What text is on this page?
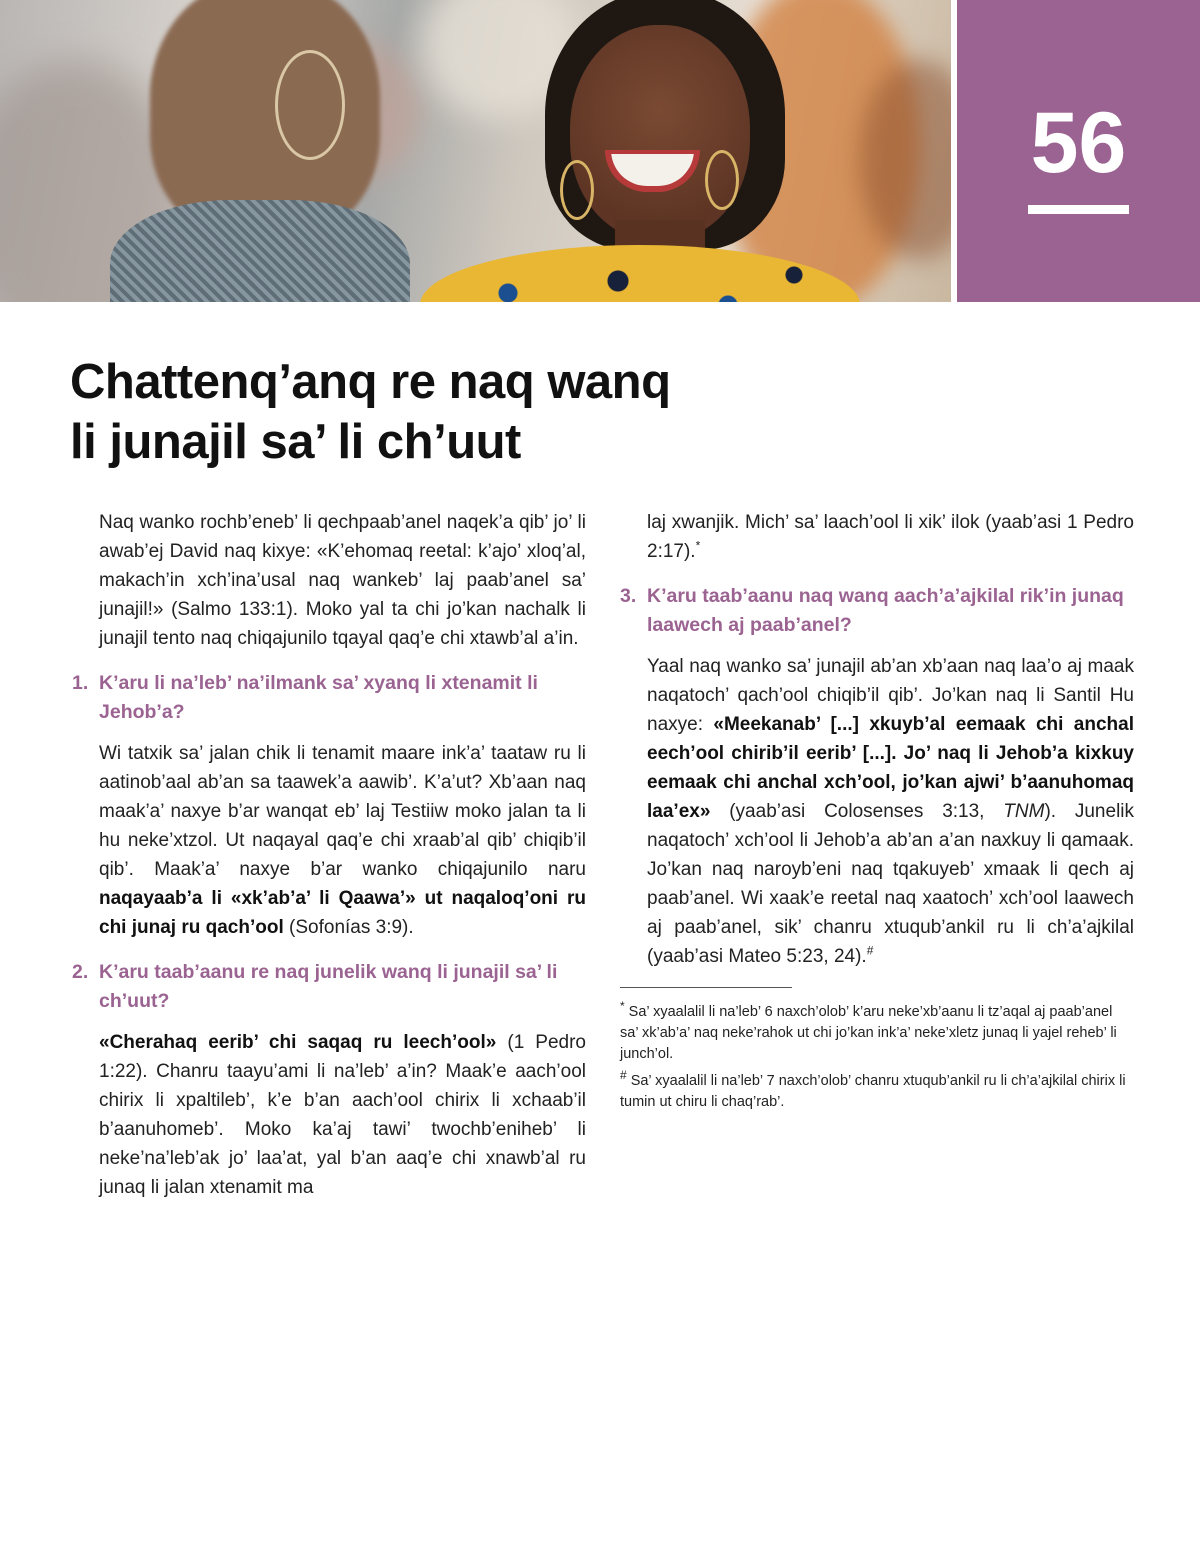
56
Chattenq’anq re naq wanq
li junajil sa’ li ch’uut

Naq wanko rochb’eneb’ li qechpaab’anel naqek’a qib’ jo’ li awab’ej David naq kixye: «K’ehomaq reetal: k’ajo’ xloq’al, makach’in xch’ina’usal naq wankeb’ laj paab’anel sa’ junajil!» (Salmo 133:1). Moko yal ta chi jo’kan nachalk li junajil tento naq chiqajunilo tqayal qaq’e chi xtawb’al a’in.

1. K’aru li na’leb’ na’ilmank sa’ xyanq li xtenamit li Jehob’a?

Wi tatxik sa’ jalan chik li tenamit maare ink’a’ taataw ru li aatinob’aal ab’an sa taawek’a aawib’. K’a’ut? Xb’aan naq maak’a’ naxye b’ar wanqat eb’ laj Testiiw moko jalan ta li hu neke’xtzol. Ut naqayal qaq’e chi xraab’al qib’ chiqib’il qib’. Maak’a’ naxye b’ar wanko chiqajunilo naru naqayaab’a li «xk’ab’a’ li Qaawa’» ut naqaloq’oni ru chi junaj ru qach’ool (Sofonías 3:9).

2. K’aru taab’aanu re naq junelik wanq li junajil sa’ li ch’uut?

«Cherahaq eerib’ chi saqaq ru leech’ool» (1 Pedro 1:22). Chanru taayu’ami li na’leb’ a’in? Maak’e aach’ool chirix li xpaltileb’, k’e b’an aach’ool chirix li xchaab’il b’aanuhomeb’. Moko ka’aj tawi’ twochb’eniheb’ li neke’na’leb’ak jo’ laa’at, yal b’an aaq’e chi xnawb’al ru junaq li jalan xtenamit ma

laj xwanjik. Mich’ sa’ laach’ool li xik’ ilok (yaab’asi 1 Pedro 2:17).*

3. K’aru taab’aanu naq wanq aach’a’ajkilal rik’in junaq laawech aj paab’anel?

Yaal naq wanko sa’ junajil ab’an xb’aan naq laa’o aj maak naqatoch’ qach’ool chiqib’il qib’. Jo’kan naq li Santil Hu naxye: «Meekanab’ [...] xkuyb’al eemaak chi anchal eech’ool chirib’il eerib’ [...]. Jo’ naq li Jehob’a kixkuy eemaak chi anchal xch’ool, jo’kan ajwi’ b’aanuhomaq laa’ex» (yaab’asi Colosenses 3:13, TNM). Junelik naqatoch’ xch’ool li Jehob’a ab’an a’an naxkuy li qamaak. Jo’kan naq naroyb’eni naq tqakuyeb’ xmaak li qech aj paab’anel. Wi xaak’e reetal naq xaatoch’ xch’ool laawech aj paab’anel, sik’ chanru xtuqub’ankil ru li ch’a’ajkilal (yaab’asi Mateo 5:23, 24).#

* Sa’ xyaalalil li na’leb’ 6 naxch’olob’ k’aru neke’xb’aanu li tz’aqal aj paab’anel sa’ xk’ab’a’ naq neke’rahok ut chi jo’kan ink’a’ neke’xletz junaq li yajel reheb’ li junch’ol.

# Sa’ xyaalalil li na’leb’ 7 naxch’olob’ chanru xtuqub’ankil ru li ch’a’ajkilal chirix li tumin ut chiru li chaq’rab’.
